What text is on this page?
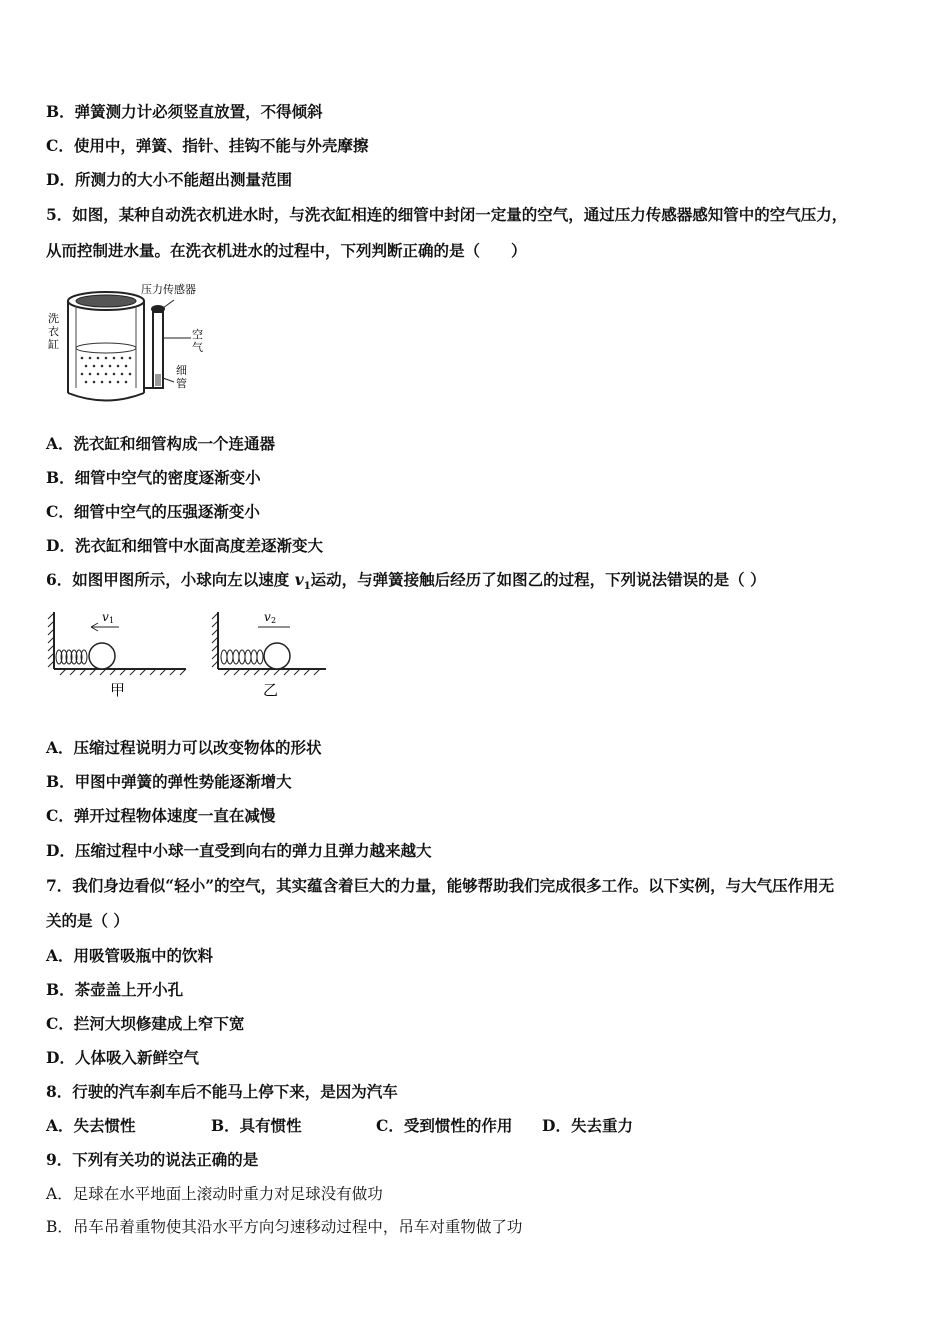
B．弹簧测力计必须竖直放置，不得倾斜
C．使用中，弹簧、指针、挂钩不能与外壳摩擦
D．所测力的大小不能超出测量范围
5．如图，某种自动洗衣机进水时，与洗衣缸相连的细管中封闭一定量的空气，通过压力传感器感知管中的空气压力，
从而控制进水量。在洗衣机进水的过程中，下列判断正确的是（　　）
压力传感器
洗
衣
缸
空
气
细
管
A．洗衣缸和细管构成一个连通器
B．细管中空气的密度逐渐变小
C．细管中空气的压强逐渐变小
D．洗衣缸和细管中水面高度差逐渐变大
6．如图甲图所示，小球向左以速度 $v_1$运动，与弹簧接触后经历了如图乙的过程，下列说法错误的是（ ）
v 1
甲
v 2
乙
A．压缩过程说明力可以改变物体的形状
B．甲图中弹簧的弹性势能逐渐增大
C．弹开过程物体速度一直在减慢
D．压缩过程中小球一直受到向右的弹力且弹力越来越大
7．我们身边看似“轻小”的空气，其实蕴含着巨大的力量，能够帮助我们完成很多工作。以下实例，与大气压作用无
关的是（ ）
A．用吸管吸瓶中的饮料
B．茶壶盖上开小孔
C．拦河大坝修建成上窄下宽
D．人体吸入新鲜空气
8．行驶的汽车刹车后不能马上停下来，是因为汽车
A．失去惯性	B．具有惯性	C．受到惯性的作用	D．失去重力
9．下列有关功的说法正确的是
A．足球在水平地面上滚动时重力对足球没有做功
B．吊车吊着重物使其沿水平方向匀速移动过程中，吊车对重物做了功
